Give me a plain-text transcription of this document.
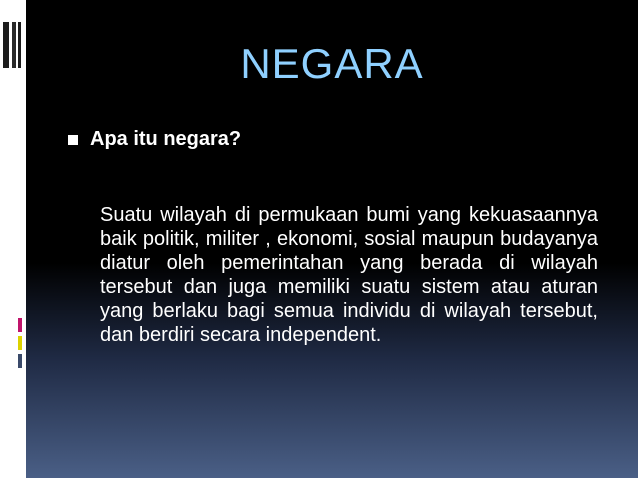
NEGARA
Apa itu negara?
Suatu wilayah di permukaan bumi yang kekuasaannya baik politik, militer , ekonomi, sosial maupun budayanya diatur oleh pemerintahan yang berada di wilayah tersebut dan juga memiliki suatu sistem atau aturan yang berlaku bagi semua individu di wilayah tersebut, dan berdiri secara independent.
